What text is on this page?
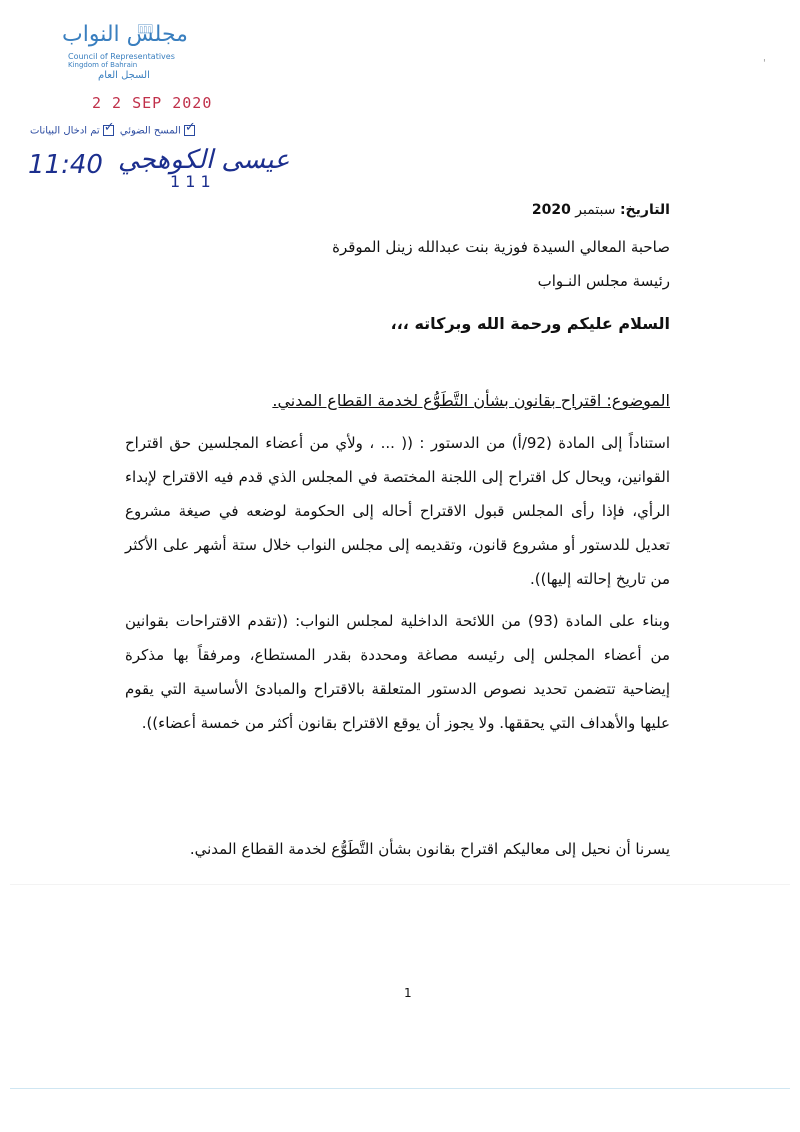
مجلس النواب
Council of Representatives
Kingdom of Bahrain
السجل العام
2 2 SEP 2020
✓المسح الضوئي ✓تم ادخال البيانات
11:40 عيسى الكوهجي
1 1 1
'
التاريخ: سبتمبر 2020
صاحبة المعالي السيدة فوزية بنت عبدالله زينل الموقرة
رئيسة مجلس النـواب
السلام عليكم ورحمة الله وبركاته ،،،
الموضوع: اقتراح بقانون بشأن التَّطَوُّع لخدمة القطاع المدني.
استناداً إلى المادة (92/أ) من الدستور : (( ... ، ولأي من أعضاء المجلسين حق اقتراح القوانين، ويحال كل اقتراح إلى اللجنة المختصة في المجلس الذي قدم فيه الاقتراح لإبداء الرأي، فإذا رأى المجلس قبول الاقتراح أحاله إلى الحكومة لوضعه في صيغة مشروع تعديل للدستور أو مشروع قانون، وتقديمه إلى مجلس النواب خلال ستة أشهر على الأكثر من تاريخ إحالته إليها)).
وبناء على المادة (93) من اللائحة الداخلية لمجلس النواب: ((تقدم الاقتراحات بقوانين من أعضاء المجلس إلى رئيسه مصاغة ومحددة بقدر المستطاع، ومرفقاً بها مذكرة إيضاحية تتضمن تحديد نصوص الدستور المتعلقة بالاقتراح والمبادئ الأساسية التي يقوم عليها والأهداف التي يحققها. ولا يجوز أن يوقع الاقتراح بقانون أكثر من خمسة أعضاء)).
يسرنا أن نحيل إلى معاليكم اقتراح بقانون بشأن التَّطَوُّع لخدمة القطاع المدني.
1
